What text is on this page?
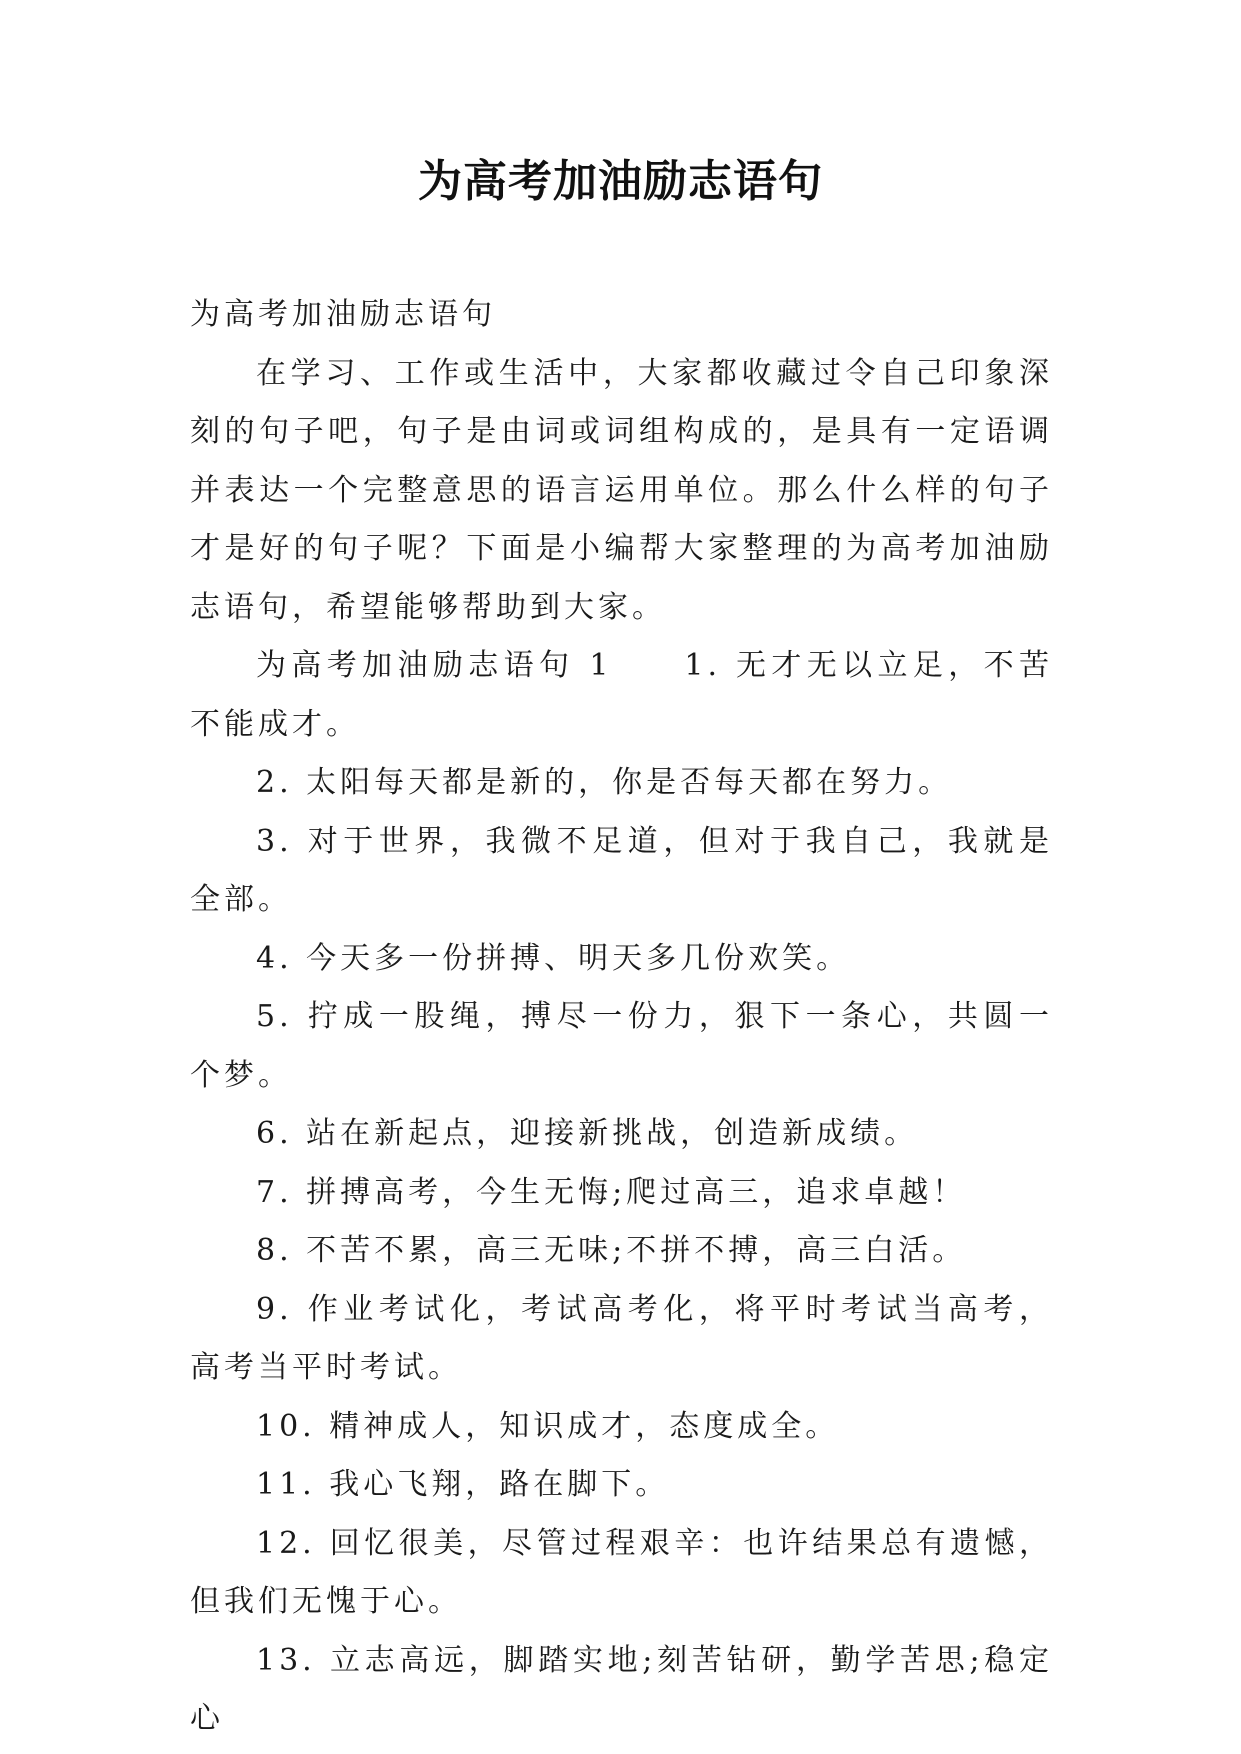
为高考加油励志语句

为高考加油励志语句

在学习、工作或生活中，大家都收藏过令自己印象深刻的句子吧，句子是由词或词组构成的，是具有一定语调并表达一个完整意思的语言运用单位。那么什么样的句子才是好的句子呢？下面是小编帮大家整理的为高考加油励志语句，希望能够帮助到大家。

为高考加油励志语句 1 1. 无才无以立足，不苦不能成才。

2. 太阳每天都是新的，你是否每天都在努力。

3. 对于世界，我微不足道，但对于我自己，我就是全部。

4. 今天多一份拼搏、明天多几份欢笑。

5. 拧成一股绳，搏尽一份力，狠下一条心，共圆一个梦。

6. 站在新起点，迎接新挑战，创造新成绩。

7. 拼搏高考，今生无悔;爬过高三，追求卓越！

8. 不苦不累，高三无味;不拼不搏，高三白活。

9. 作业考试化，考试高考化，将平时考试当高考，高考当平时考试。

10. 精神成人，知识成才，态度成全。

11. 我心飞翔，路在脚下。

12. 回忆很美，尽管过程艰辛：也许结果总有遗憾，但我们无愧于心。

13. 立志高远，脚踏实地;刻苦钻研，勤学苦思;稳定心
